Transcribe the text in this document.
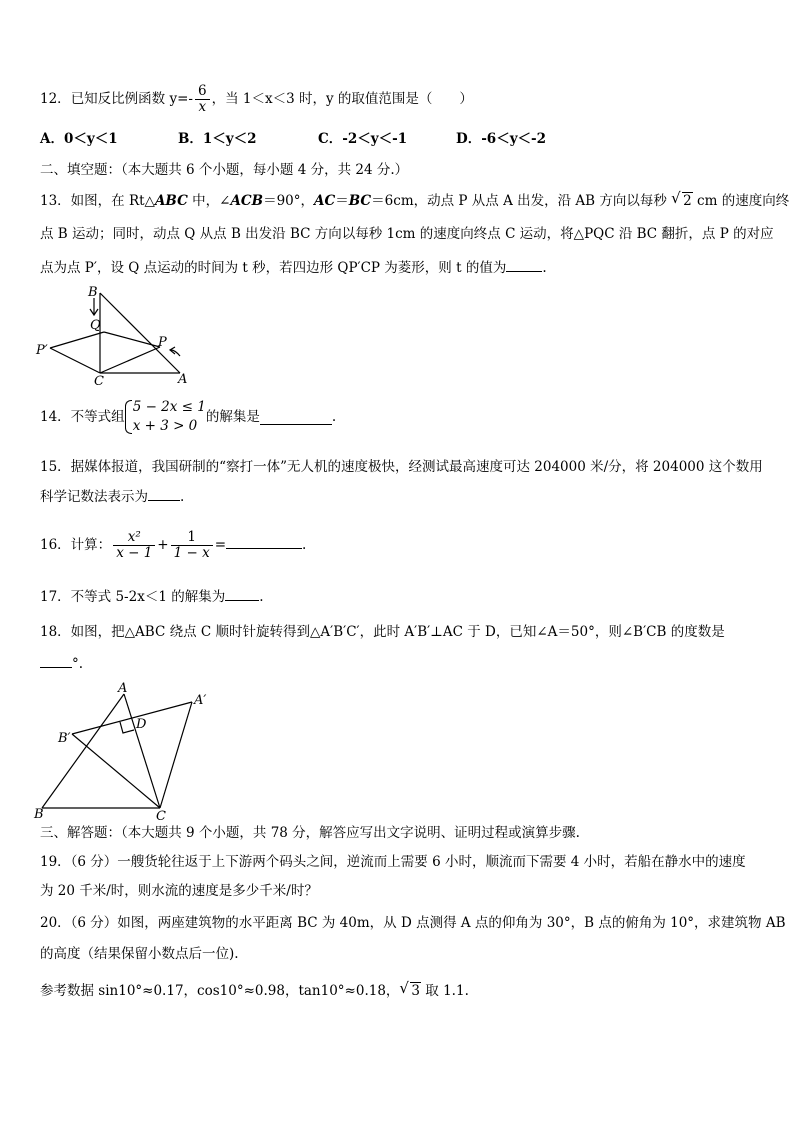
12．已知反比例函数 $y=- \frac{6}{x}$ ，当 1＜x＜3 时，y 的取值范围是（　　）
A．0＜y＜1	B．1＜y＜2	C．-2＜y＜-1	D．-6＜y＜-2
二、填空题：（本大题共 6 个小题，每小题 4 分，共 24 分.）
13．如图，在 Rt△ABC 中，∠ACB＝90°，AC＝BC＝6cm，动点 P 从点 A 出发，沿 AB 方向以每秒 √ 2 cm 的速度向终
点 B 运动；同时，动点 Q 从点 B 出发沿 BC 方向以每秒 1cm 的速度向终点 C 运动，将△PQC 沿 BC 翻折，点 P 的对应
点为点 P′，设 Q 点运动的时间为 t 秒，若四边形 QP′CP 为菱形，则 t 的值为	.
B
Q
P′
P
C	A
14．不等式组
5 − 2x ≤ 1
x + 3 > 0
的解集是	.
15．据媒体报道，我国研制的“察打一体”无人机的速度极快，经测试最高速度可达 204000 米/分，将 204000 这个数用
科学记数法表示为 .
16．计算： $\frac{\text{x²}}{x - 1} + \frac{1}{1 - x}$ =	.
17．不等式 5-2x＜1 的解集为	.
18．如图，把△ABC 绕点 C 顺时针旋转得到△A′B′C′，此时 A′B′⊥AC 于 D，已知∠A＝50°，则∠B′CB 的度数是
°.
A
A′
B′
D
B	C
三、解答题：（本大题共 9 个小题，共 78 分，解答应写出文字说明、证明过程或演算步骤.
19．（6 分）一艘货轮往返于上下游两个码头之间，逆流而上需要 6 小时，顺流而下需要 4 小时，若船在静水中的速度
为 20 千米/时，则水流的速度是多少千米/时？
20．（6 分）如图，两座建筑物的水平距离 BC 为 40m，从 D 点测得 A 点的仰角为 30°，B 点的俯角为 10°，求建筑物 AB
的高度（结果保留小数点后一位).
参考数据 sin10°≈0.17，cos10°≈0.98，tan10°≈0.18， √ 3 取 1.1.
